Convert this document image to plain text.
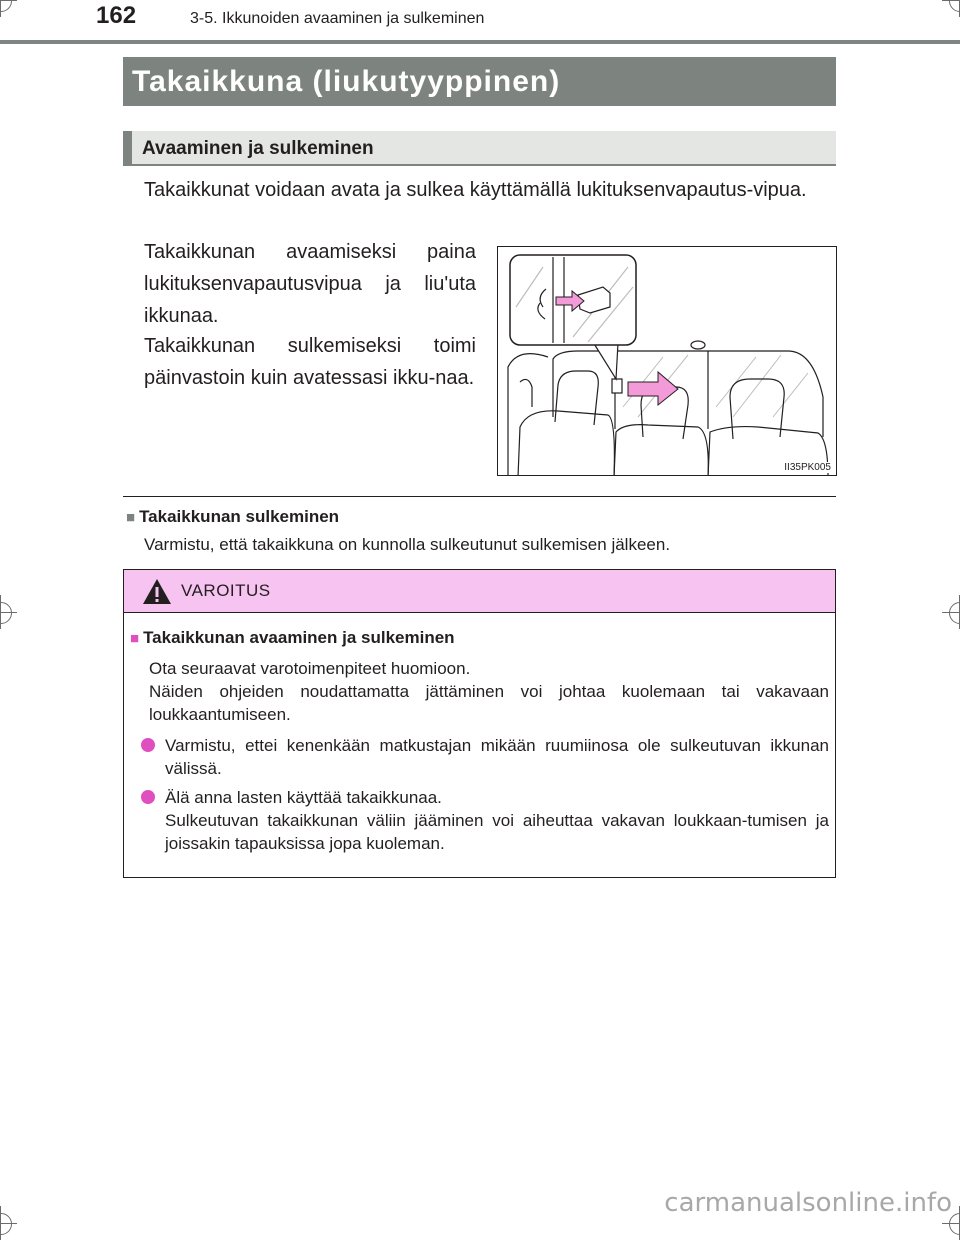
162	3-5. Ikkunoiden avaaminen ja sulkeminen
Takaikkuna (liukutyyppinen)
Avaaminen ja sulkeminen

Takaikkunat voidaan avata ja sulkea käyttämällä lukituksenvapautus-vipua.

Takaikkunan avaamiseksi paina lukituksenvapautusvipua ja liu'uta ikkunaa.

Takaikkunan sulkemiseksi toimi päinvastoin kuin avatessasi ikku-naa.

II35PK005
■ Takaikkunan sulkeminen
Varmistu, että takaikkuna on kunnolla sulkeutunut sulkemisen jälkeen.
VAROITUS
■ Takaikkunan avaaminen ja sulkeminen
Ota seuraavat varotoimenpiteet huomioon.
Näiden ohjeiden noudattamatta jättäminen voi johtaa kuolemaan tai vakavaan loukkaantumiseen.
Varmistu, ettei kenenkään matkustajan mikään ruumiinosa ole sulkeutuvan ikkunan välissä.
Älä anna lasten käyttää takaikkunaa.
Sulkeutuvan takaikkunan väliin jääminen voi aiheuttaa vakavan loukkaan-tumisen ja joissakin tapauksissa jopa kuoleman.
carmanualsonline.info
